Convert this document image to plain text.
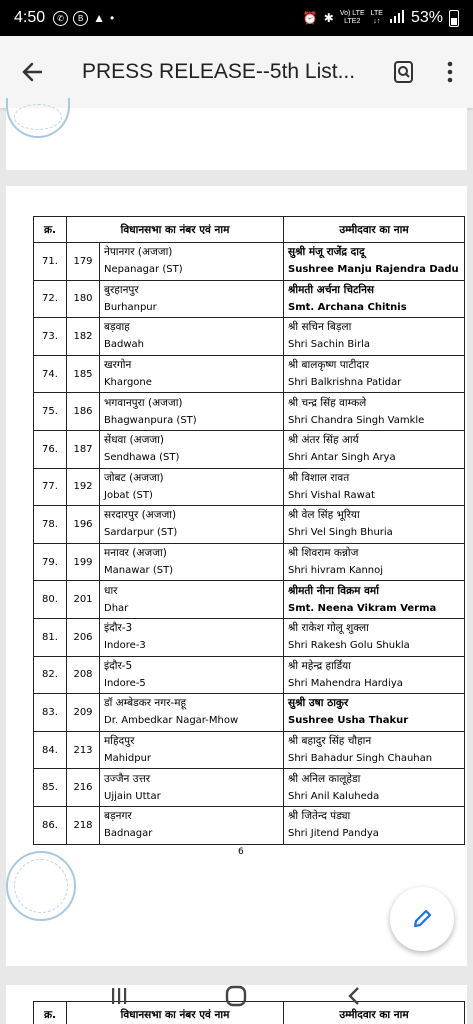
4:50	✆	B ▲ •	⏰ ✱ Vo) LTE
LTE2
LTE
↓↑ 53%
PRESS RELEASE--5th List...
क्र.	विधानसभा का नंबर एवं नाम		उम्मीदवार का नाम
71.	179	नेपानगर (अजजा)
Nepanagar (ST)	सुश्री मंजू राजेंद्र दादू
Sushree Manju Rajendra Dadu

72.	180	बुरहानपुर
Burhanpur	श्रीमती अर्चना चिटनिस
Smt. Archana Chitnis

73.	182	बड़वाह
Badwah	श्री सचिन बिड़ला
Shri Sachin Birla

74.	185	खरगोन
Khargone	श्री बालकृष्ण पाटीदार
Shri Balkrishna Patidar

75.	186	भगवानपुरा (अजजा)
Bhagwanpura (ST)	श्री चन्द्र सिंह वाम्कले
Shri Chandra Singh Vamkle

76.	187	सेंधवा (अजजा)
Sendhawa (ST)	श्री अंतर सिंह आर्य
Shri Antar Singh Arya

77.	192	जोबट (अजजा)
Jobat (ST)	श्री विशाल रावत
Shri Vishal Rawat

78.	196	सरदारपुर (अजजा)
Sardarpur (ST)	श्री वेल सिंह भूरिया
Shri Vel Singh Bhuria

79.	199	मनावर (अजजा)
Manawar (ST)	श्री शिवराम कन्नोज
Shri hivram Kannoj

80.	201	धार
Dhar	श्रीमती नीना विक्रम वर्मा
Smt. Neena Vikram Verma

81.	206	इंदौर-3
Indore-3	श्री राकेश गोलू शुक्ला
Shri Rakesh Golu Shukla

82.	208	इंदौर-5
Indore-5	श्री महेन्द्र हार्डिया
Shri Mahendra Hardiya

83.	209	डॉ अम्बेडकर नगर-महू
Dr. Ambedkar Nagar-Mhow	सुश्री उषा ठाकुर
Sushree Usha Thakur

84.	213	महिदपुर
Mahidpur	श्री बहादुर सिंह चौहान
Shri Bahadur Singh Chauhan

85.	216	उज्जैन उत्तर
Ujjain Uttar	श्री अनिल कालूहेडा
Shri Anil Kaluheda

86.	218	बड़नगर
Badnagar	श्री जितेन्द पंड्या
Shri Jitend Pandya
6
क्र.	विधानसभा का नंबर एवं नाम	उम्मीदवार का नाम
